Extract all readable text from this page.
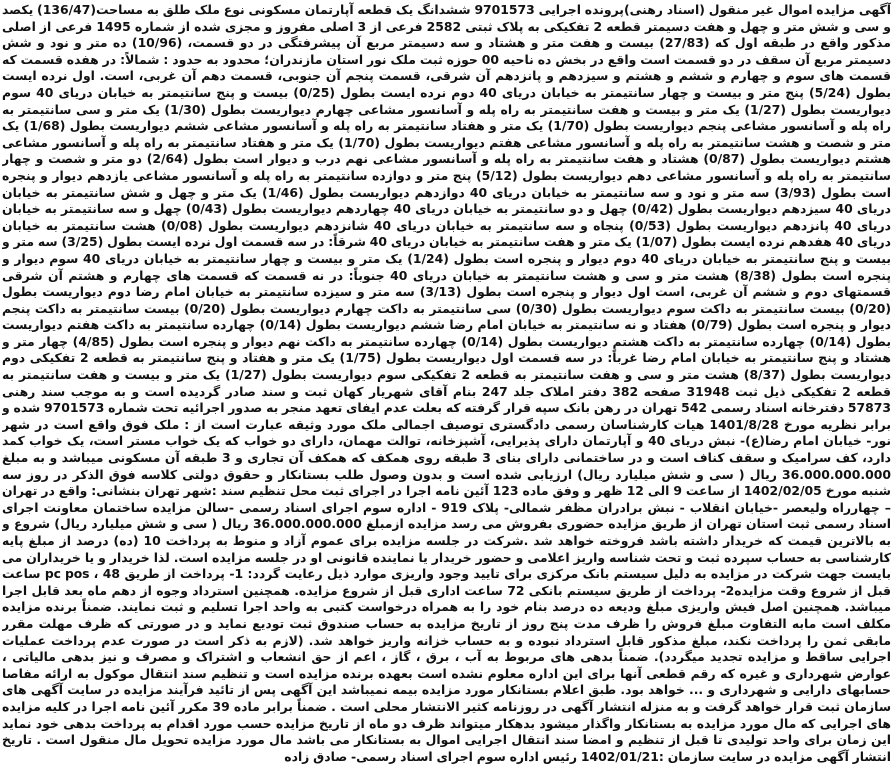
آگهی مزایده اموال غیر منقول (اسناد رهنی)پرونده اجرایی 9701573 ششدانگ یک قطعه آپارتمان مسکونی نوع ملک طلق به مساحت(136/47) یکصد و سی و شش متر و چهل و هفت دسیمتر قطعه 2 تفکیکی به پلاک ثبتی 2582 فرعی از 3 اصلی مفروز و مجزی شده از شماره 1495 فرعی از اصلی مذکور واقع در طبقه اول که (27/83) بیست و هفت متر و هشتاد و سه دسیمتر مربع آن پیشرفتگی در دو قسمت، (10/96) ده متر و نود و شش دسیمتر مربع آن سقف در دو قسمت است واقع در بخش ده ناحیه 00 حوزه ثبت ملک نور استان مازندران؛ محدود به حدود : شمالاً: در هفده قسمت که قسمت های سوم و چهارم و ششم و هشتم و سیزدهم و پانزدهم آن شرقی، قسمت پنجم آن جنوبی، قسمت دهم آن غربی، است. اول نرده ایست بطول (5/24) پنج متر و بیست و چهار سانتیمتر به خیابان دریای 40 دوم نرده ایست بطول (0/25) بیست و پنج سانتیمتر به خیابان دریای 40 سوم دیواریست بطول (1/27) یک متر و بیست و هفت سانتیمتر به راه پله و آسانسور مشاعی چهارم دیواریست بطول (1/30) یک متر و سی سانتیمتر به راه پله و آسانسور مشاعی پنجم دیواریست بطول (1/70) یک متر و هفتاد سانتیمتر به راه پله و آسانسور مشاعی ششم دیواریست بطول (1/68) یک متر و شصت و هشت سانتیمتر به راه پله و آسانسور مشاعی هفتم دیواریست بطول (1/70) یک متر و هفتاد سانتیمتر به راه پله و آسانسور مشاعی هشتم دیواریست بطول (0/87) هشتاد و هفت سانتیمتر به راه پله و آسانسور مشاعی نهم درب و دیوار است بطول (2/64) دو متر و شصت و چهار سانتیمتر به راه پله و آسانسور مشاعی دهم دیواریست بطول (5/12) پنج متر و دوازده سانتیمتر به راه پله و آسانسور مشاعی یازدهم دیوار و پنجره است بطول (3/93) سه متر و نود و سه سانتیمتر به خیابان دریای 40 دوازدهم دیواریست بطول (1/46) یک متر و چهل و شش سانتیمتر به خیابان دریای 40 سیزدهم دیواریست بطول (0/42) چهل و دو سانتیمتر به خیابان دریای 40 چهاردهم دیواریست بطول (0/43) چهل و سه سانتیمتر به خیابان دریای 40 پانزدهم دیواریست بطول (0/53) پنجاه و سه سانتیمتر به خیابان دریای 40 شانزدهم دیواریست بطول (0/08) هشت سانتیمتر به خیابان دریای 40 هفدهم نرده ایست بطول (1/07) یک متر و هفت سانتیمتر به خیابان دریای 40 شرقاً: در سه قسمت اول نرده ایست بطول (3/25) سه متر و بیست و پنج سانتیمتر به خیابان دریای 40 دوم دیوار و پنجره است بطول (1/24) یک متر و بیست و چهار سانتیمتر به خیابان دریای 40 سوم دیوار و پنجره است بطول (8/38) هشت متر و سی و هشت سانتیمتر به خیابان دریای 40 جنوباً: در نه قسمت که قسمت های چهارم و هشتم آن شرقی قسمتهای دوم و ششم آن غربی، است اول دیوار و پنجره است بطول (3/13) سه متر و سیزده سانتیمتر به خیابان امام رضا دوم دیواریست بطول (0/20) بیست سانتیمتر به داکت سوم دیواریست بطول (0/30) سی سانتیمتر به داکت چهارم دیواریست بطول (0/20) بیست سانتیمتر به داکت پنجم دیوار و پنجره است بطول (0/79) هفتاد و نه سانتیمتر به خیابان امام رضا ششم دیواریست بطول (0/14) چهارده سانتیمتر به داکت هفتم دیواریست بطول (0/14) چهارده سانتیمتر به داکت هشتم دیواریست بطول (0/14) چهارده سانتیمتر به داکت نهم دیوار و پنجره است بطول (4/85) چهار متر و هشتاد و پنج سانتیمتر به خیابان امام رضا غرباً: در سه قسمت اول دیواریست بطول (1/75) یک متر و هفتاد و پنج سانتیمتر به قطعه 2 تفکیکی دوم دیواریست بطول (8/37) هشت متر و سی و هفت سانتیمتر به قطعه 2 تفکیکی سوم دیواریست بطول (1/27) یک متر و بیست و هفت سانتیمتر به قطعه 2 تفکیکی ذیل ثبت 31948 صفحه 382 دفتر املاک جلد 247 بنام آقای شهریار کهان ثبت و سند صادر گردیده است و به موجب سند رهنی 57873 دفترخانه اسناد رسمی 542 تهران در رهن بانک سپه قرار گرفته که بعلت عدم ایفای تعهد منجر به صدور اجرائیه تحت شماره 9701573 شده و برابر نظریه مورخ 1401/8/28 هیات کارشناسان رسمی دادگستری توصیف اجمالی ملک مورد وثیقه عبارت است از : ملک فوق واقع است در شهر نور- خیابان امام رضا(ع)- نبش دریای 40 و آپارتمان دارای پذیرایی، آشپزخانه، توالت مهمان، دارای دو خواب که یک خواب مستر است، یک خواب کمد دارد، کف سرامیک و سقف کناف است و در ساختمانی دارای بنای 3 طبقه روی همکف که همکف آن تجاری و 3 طبقه آن مسکونی میباشد و به مبلغ 36.000.000.000 ریال ( سی و شش میلیارد ریال) ارزیابی شده است و بدون وصول طلب بستانکار و حقوق دولتی کلاسه فوق الذکر در روز سه شنبه مورخ 1402/02/05 از ساعت 9 الی 12 ظهر و وفق ماده 123 آئین نامه اجرا در اجرای ثبت محل تنظیم سند :شهر تهران بنشانی: واقع در تهران – چهارراه ولیعصر -خیابان انقلاب - نبش برادران مظفر شمالی- پلاک 919 - اداره سوم اجرای اسناد رسمی -سالن مزایده ساختمان معاونت اجرای اسناد رسمی ثبت استان تهران از طریق مزایده حضوری بفروش می رسد مزایده ازمبلغ 36.000.000.000 ریال ( سی و شش میلیارد ریال) شروع و به بالاترین قیمت که خریدار داشته باشد فروخته خواهد شد .شرکت در جلسه مزایده برای عموم آزاد و منوط به پرداخت 10 (ده) درصد از مبلغ پایه کارشناسی به حساب سپرده ثبت و تحت شناسه واریز اعلامی و حضور خریدار یا نماینده قانونی او در جلسه مزایده است. لذا خریدار و یا خریداران می بایست جهت شرکت در مزایده به دلیل سیستم بانک مرکزی برای تایید وجود واریزی موارد ذیل رعایت گردد: 1- پرداخت از طریق pc pos ، 48 ساعت قبل از شروع وقت مزایده2- پرداخت از طریق سیستم بانکی 72 ساعت اداری قبل از شروع مزایده. همچنین استرداد وجوه از دهم ماه بعد قابل اجرا میباشد. همچنین اصل فیش واریزی مبلغ ودیعه ده درصد بنام خود را به همراه درخواست کتبی به واحد اجرا تسلیم و ثبت نمایند. ضمناً برنده مزایده مکلف است مابه التفاوت مبلغ فروش را ظرف مدت پنج روز از تاریخ مزایده به حساب صندوق ثبت تودیع نماید و در صورتی که ظرف مهلت مقرر مابقی ثمن را پرداخت نکند، مبلغ مذکور قابل استرداد نبوده و به حساب خزانه واریز خواهد شد. (لازم به ذکر است در صورت عدم پرداخت عملیات اجرایی ساقط و مزایده تجدید میگردد). ضمناً بدهی های مربوط به آب ، برق ، گاز ، اعم از حق انشعاب و اشتراک و مصرف و نیز بدهی مالیاتی ، عوارض شهرداری و غیره که رقم قطعی آنها برای این اداره معلوم نشده است بعهده برنده مزایده است و تنظیم سند انتقال موکول به ارائه مفاصا حسابهای دارایی و شهرداری و ... خواهد بود. طبق اعلام بستانکار مورد مزایده بیمه نمیباشد این آگهی پس از تائید فرآیند مزایده در سایت آگهی های سازمان ثبت قرار خواهد گرفت و به منزله انتشار آگهی در روزنامه کثیر الانتشار محلی است . ضمناً برابر ماده 39 مکرر آئین نامه اجرا در کلیه مزایده های اجرایی که مال مورد مزایده به بستانکار واگذار میشود بدهکار میتواند ظرف دو ماه از تاریخ مزایده حسب مورد اقدام به پرداخت بدهی خود نماید این زمان برای واحد تولیدی تا قبل از تنظیم و امضا سند انتقال اجرایی اموال به بستانکار می باشد مال مورد مزایده تحویل مال منقول است . تاریخ انتشار آگهی مزایده در سایت سازمان :1402/01/21 رئیس اداره سوم اجرای اسناد رسمی- صادق زاده
